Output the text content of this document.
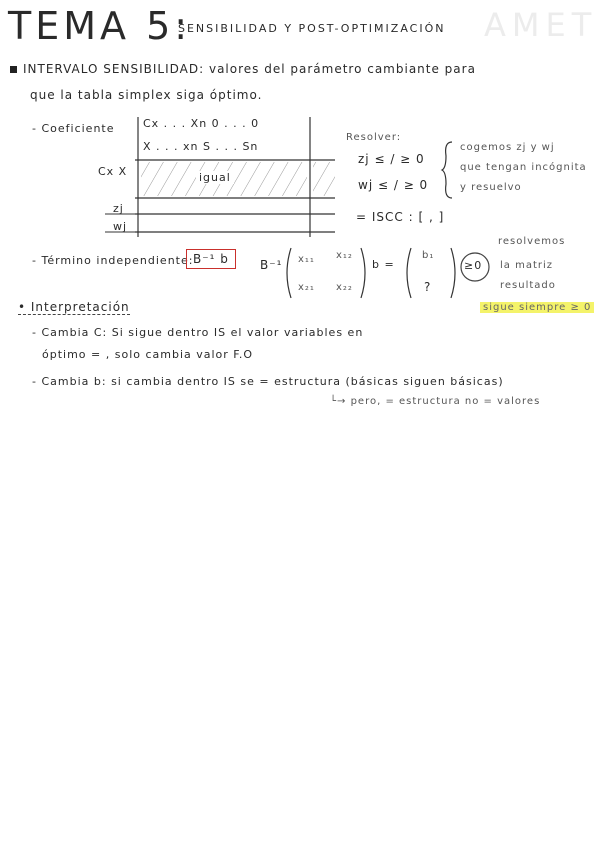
TEMA 5:
SENSIBILIDAD Y POST-OPTIMIZACIÓN AMET
INTERVALO SENSIBILIDAD: valores del parámetro cambiante para
que la tabla simplex siga óptimo.
- Coeficiente	Cx . . . Xn 0 . . . 0
X . . . xn S . . . Sn
Cx X	igual
zj
wj
Resolver:
zj ≤ / ≥ 0
wj ≤ / ≥ 0
= ISCC : [ , ]
cogemos zj y wj
que tengan incógnita
y resuelvo
- Término independiente: B⁻¹ b	B⁻¹ x₁₁ x₁₂
x₂₁ x₂₂
b =
b₁
?
≥0
resolvemos
la matriz
resultado
sigue siempre ≥ 0
• Interpretación
- Cambia C: Si sigue dentro IS el valor variables en
óptimo = , solo cambia valor F.O
- Cambia b: si cambia dentro IS se = estructura (básicas siguen básicas)
└→ pero, = estructura no = valores
